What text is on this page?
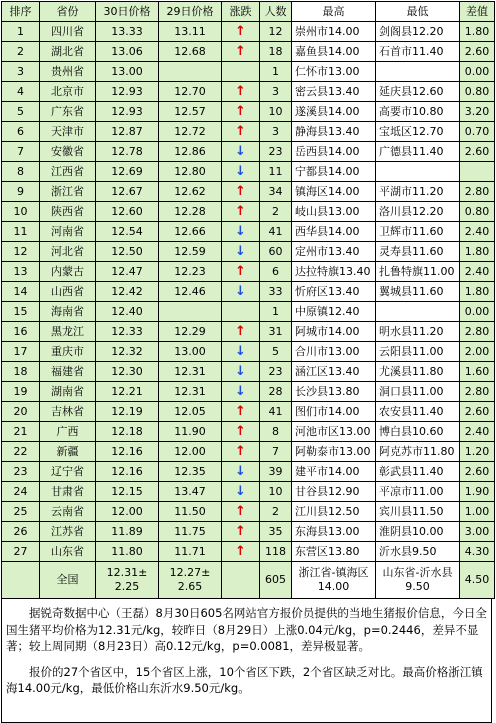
排序	省份	30日价格	29日价格	涨跌	人数	最高	最低	差值
1	四川省	13.33	13.11	↑	12	崇州市14.00	剑阁县12.20	1.80
2	湖北省	13.06	12.68	↑	18	嘉鱼县14.00	石首市11.40	2.60
3	贵州省	13.00			1	仁怀市13.00		0.00
4	北京市	12.93	12.70	↑	3	密云县13.40	延庆县12.60	0.80
5	广东省	12.93	12.57	↑	10	遂溪县14.00	高要市10.80	3.20
6	天津市	12.87	12.72	↑	3	静海县13.40	宝坻区12.70	0.70
7	安徽省	12.78	12.86	↓	23	岳西县14.00	广德县11.40	2.60
8	江西省	12.69	12.80	↓	11	宁都县14.00		
9	浙江省	12.67	12.62	↑	34	镇海区14.00	平湖市11.20	2.80
10	陕西省	12.60	12.28	↑	2	岐山县13.00	洛川县12.20	0.80
11	河南省	12.54	12.66	↓	41	西华县14.00	卫辉市11.60	2.40
12	河北省	12.50	12.59	↓	60	定州市13.40	灵寿县11.60	1.80
13	内蒙古	12.47	12.23	↑	6	达拉特旗13.40	扎鲁特旗11.00	2.40
14	山西省	12.42	12.46	↓	33	忻府区13.40	翼城县11.60	1.80
15	海南省	12.40			1	中原镇12.40		0.00
16	黑龙江	12.33	12.29	↑	31	阿城市14.00	明水县11.20	2.80
17	重庆市	12.32	13.00	↓	5	合川市13.00	云阳县11.00	2.00
18	福建省	12.30	12.31	↓	23	涵江区13.40	尤溪县11.80	1.60
19	湖南省	12.21	12.31	↓	28	长沙县13.80	洞口县11.00	2.80
20	吉林省	12.19	12.05	↑	41	图们市14.00	农安县11.40	2.60
21	广西	12.18	11.90	↑	8	河池市区13.00	博白县10.60	2.40
22	新疆	12.16	12.00	↑	7	阿勒泰市13.00	阿克苏市11.80	1.20
23	辽宁省	12.16	12.35	↓	39	建平市14.00	彰武县11.40	2.60
24	甘肃省	12.15	13.47	↓	10	甘谷县12.90	平凉市11.00	1.90
25	云南省	12.00	11.50	↑	2	江川县12.50	宾川县11.50	1.00
26	江苏省	11.89	11.75	↑	35	东海县13.00	淮阴县10.00	3.00
27	山东省	11.80	11.71	↑	118	东营区13.80	沂水县9.50	4.30
	全国	12.31± 2.25	12.27± 2.65		605	浙江省-镇海区 14.00	山东省-沂水县 9.50	4.50

据锐奇数据中心（王磊）8月30日605名网站官方报价员提供的当地生猪报价信息，今日全国生猪平均价格为12.31元/kg，较昨日（8月29日）上涨0.04元/kg，p=0.2446，差异不显著；较上周同期（8月23日）高0.12元/kg，p=0.0081，差异极显著。

报价的27个省区中，15个省区上涨，10个省区下跌，2个省区缺乏对比。最高价格浙江镇海14.00元/kg，最低价格山东沂水9.50元/kg。
